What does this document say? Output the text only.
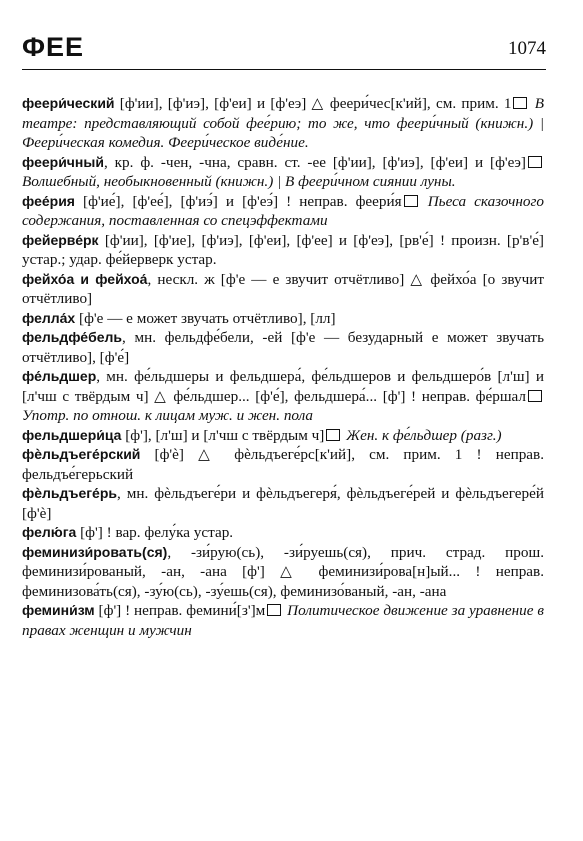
ФЕЕ	1074
феери́ческий [ф'ии], [ф'иэ], [ф'еи] и [ф'еэ] △ феери́чес[к'ий], см. прим. 1 В театре: представляющий собой фее́рию; то же, что феери́чный (книжн.) | Феери́ческая комедия. Феери́ческое виде́ние.
феери́чный, кр. ф. -чен, -чна, сравн. ст. -ее [ф'ии], [ф'иэ], [ф'еи] и [ф'еэ] Волшебный, необыкновенный (книжн.) | В феери́чном сиянии луны.
фее́рия [ф'ие́], [ф'ее́], [ф'иэ́] и [ф'еэ́] ! неправ. феери́я Пьеса сказочного содержания, поставленная со спецэффектами
фейерве́рк [ф'ии], [ф'ие], [ф'иэ], [ф'еи], [ф'ее] и [ф'еэ], [рв'е́] ! произн. [р'в'е́] устар.; удар. фе́йерверк устар.
фейхо́а и фейхоа́, нескл. ж [ф'е — е звучит отчётливо] △ фейхо́а [о звучит отчётливо]
фелла́х [ф'е — е может звучать отчётливо], [лл]
фельдфе́бель, мн. фельдфе́бели, -ей [ф'е — безударный е может звучать отчётливо], [ф'е́]
фе́льдшер, мн. фе́льдшеры и фельдшера́, фе́льдшеров и фельдшеро́в [л'ш] и [л'чш с твёрдым ч] △ фе́льдшер... [ф'е́], фельдшера́... [ф'] ! неправ. фе́ршал Употр. по отнош. к лицам муж. и жен. пола
фельдшери́ца [ф'], [л'ш] и [л'чш с твёрдым ч] Жен. к фе́льдшер (разг.)
фѐльдъеге́рский [ф'è] △ фѐльдъеге́рс[к'ий], см. прим. 1 ! неправ. фельдъе́герьский
фѐльдъеге́рь, мн. фѐльдъеге́ри и фѐльдъегеря́, фѐльдъеге́рей и фѐльдъегере́й [ф'è]
фелю́га [ф'] ! вар. фелу́ка устар.
феминизи́ровать(ся), -зи́рую(сь), -зи́руешь(ся), прич. страд. прош. феминизи́рованый, -ан, -ана [ф'] △ феминизи́рова[н]ый... ! неправ. феминизова́ть(ся), -зу́ю(сь), -зу́ешь(ся), феминизо́ваный, -ан, -ана
фемини́зм [ф'] ! неправ. фемини́[з']м Политическое движение за уравнение в правах женщин и мужчин
